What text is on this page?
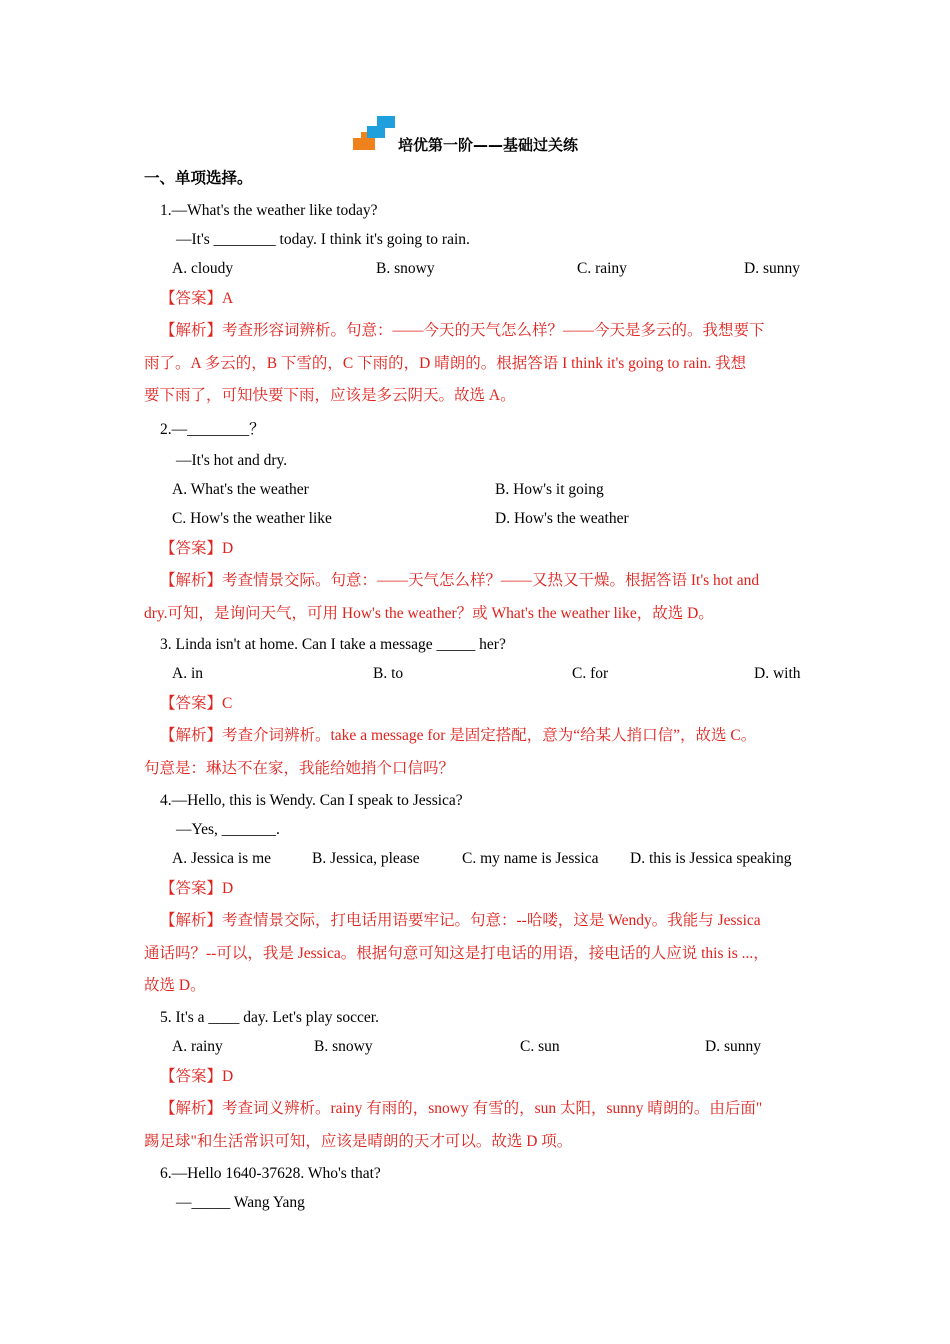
培优第一阶——基础过关练
一、单项选择。
1.—What's the weather like today?
—It's ________ today. I think it's going to rain.
A. cloudy	B. snowy	C. rainy	D. sunny
【答案】A
【解析】考查形容词辨析。句意：——今天的天气怎么样？——今天是多云的。我想要下
雨了。A 多云的，B 下雪的，C 下雨的，D 晴朗的。根据答语 I think it's going to rain. 我想
要下雨了，可知快要下雨，应该是多云阴天。故选 A。
2.—________？
—It's hot and dry.
A. What's the weather	B. How's it going
C. How's the weather like	D. How's the weather
【答案】D
【解析】考查情景交际。句意：——天气怎么样？——又热又干燥。根据答语 It's hot and
dry.可知，是询问天气，可用 How's the weather？或 What's the weather like，故选 D。
3. Linda isn't at home. Can I take a message _____ her?
A. in	B. to	C. for	D. with
【答案】C
【解析】考查介词辨析。take a message for 是固定搭配，意为“给某人捎口信”，故选 C。
句意是：琳达不在家，我能给她捎个口信吗？
4.—Hello, this is Wendy. Can I speak to Jessica?
—Yes, _______.
A. Jessica is me	B. Jessica, please	C. my name is Jessica D. this is Jessica speaking
【答案】D
【解析】考查情景交际，打电话用语要牢记。句意：--哈喽，这是 Wendy。我能与 Jessica
通话吗？--可以，我是 Jessica。根据句意可知这是打电话的用语，接电话的人应说 this is ...，
故选 D。
5. It's a ____ day. Let's play soccer.
A. rainy	B. snowy	C. sun	D. sunny
【答案】D
【解析】考查词义辨析。rainy 有雨的，snowy 有雪的，sun 太阳，sunny 晴朗的。由后面"
踢足球"和生活常识可知，应该是晴朗的天才可以。故选 D 项。
6.—Hello 1640-37628. Who's that?
—_____ Wang Yang
